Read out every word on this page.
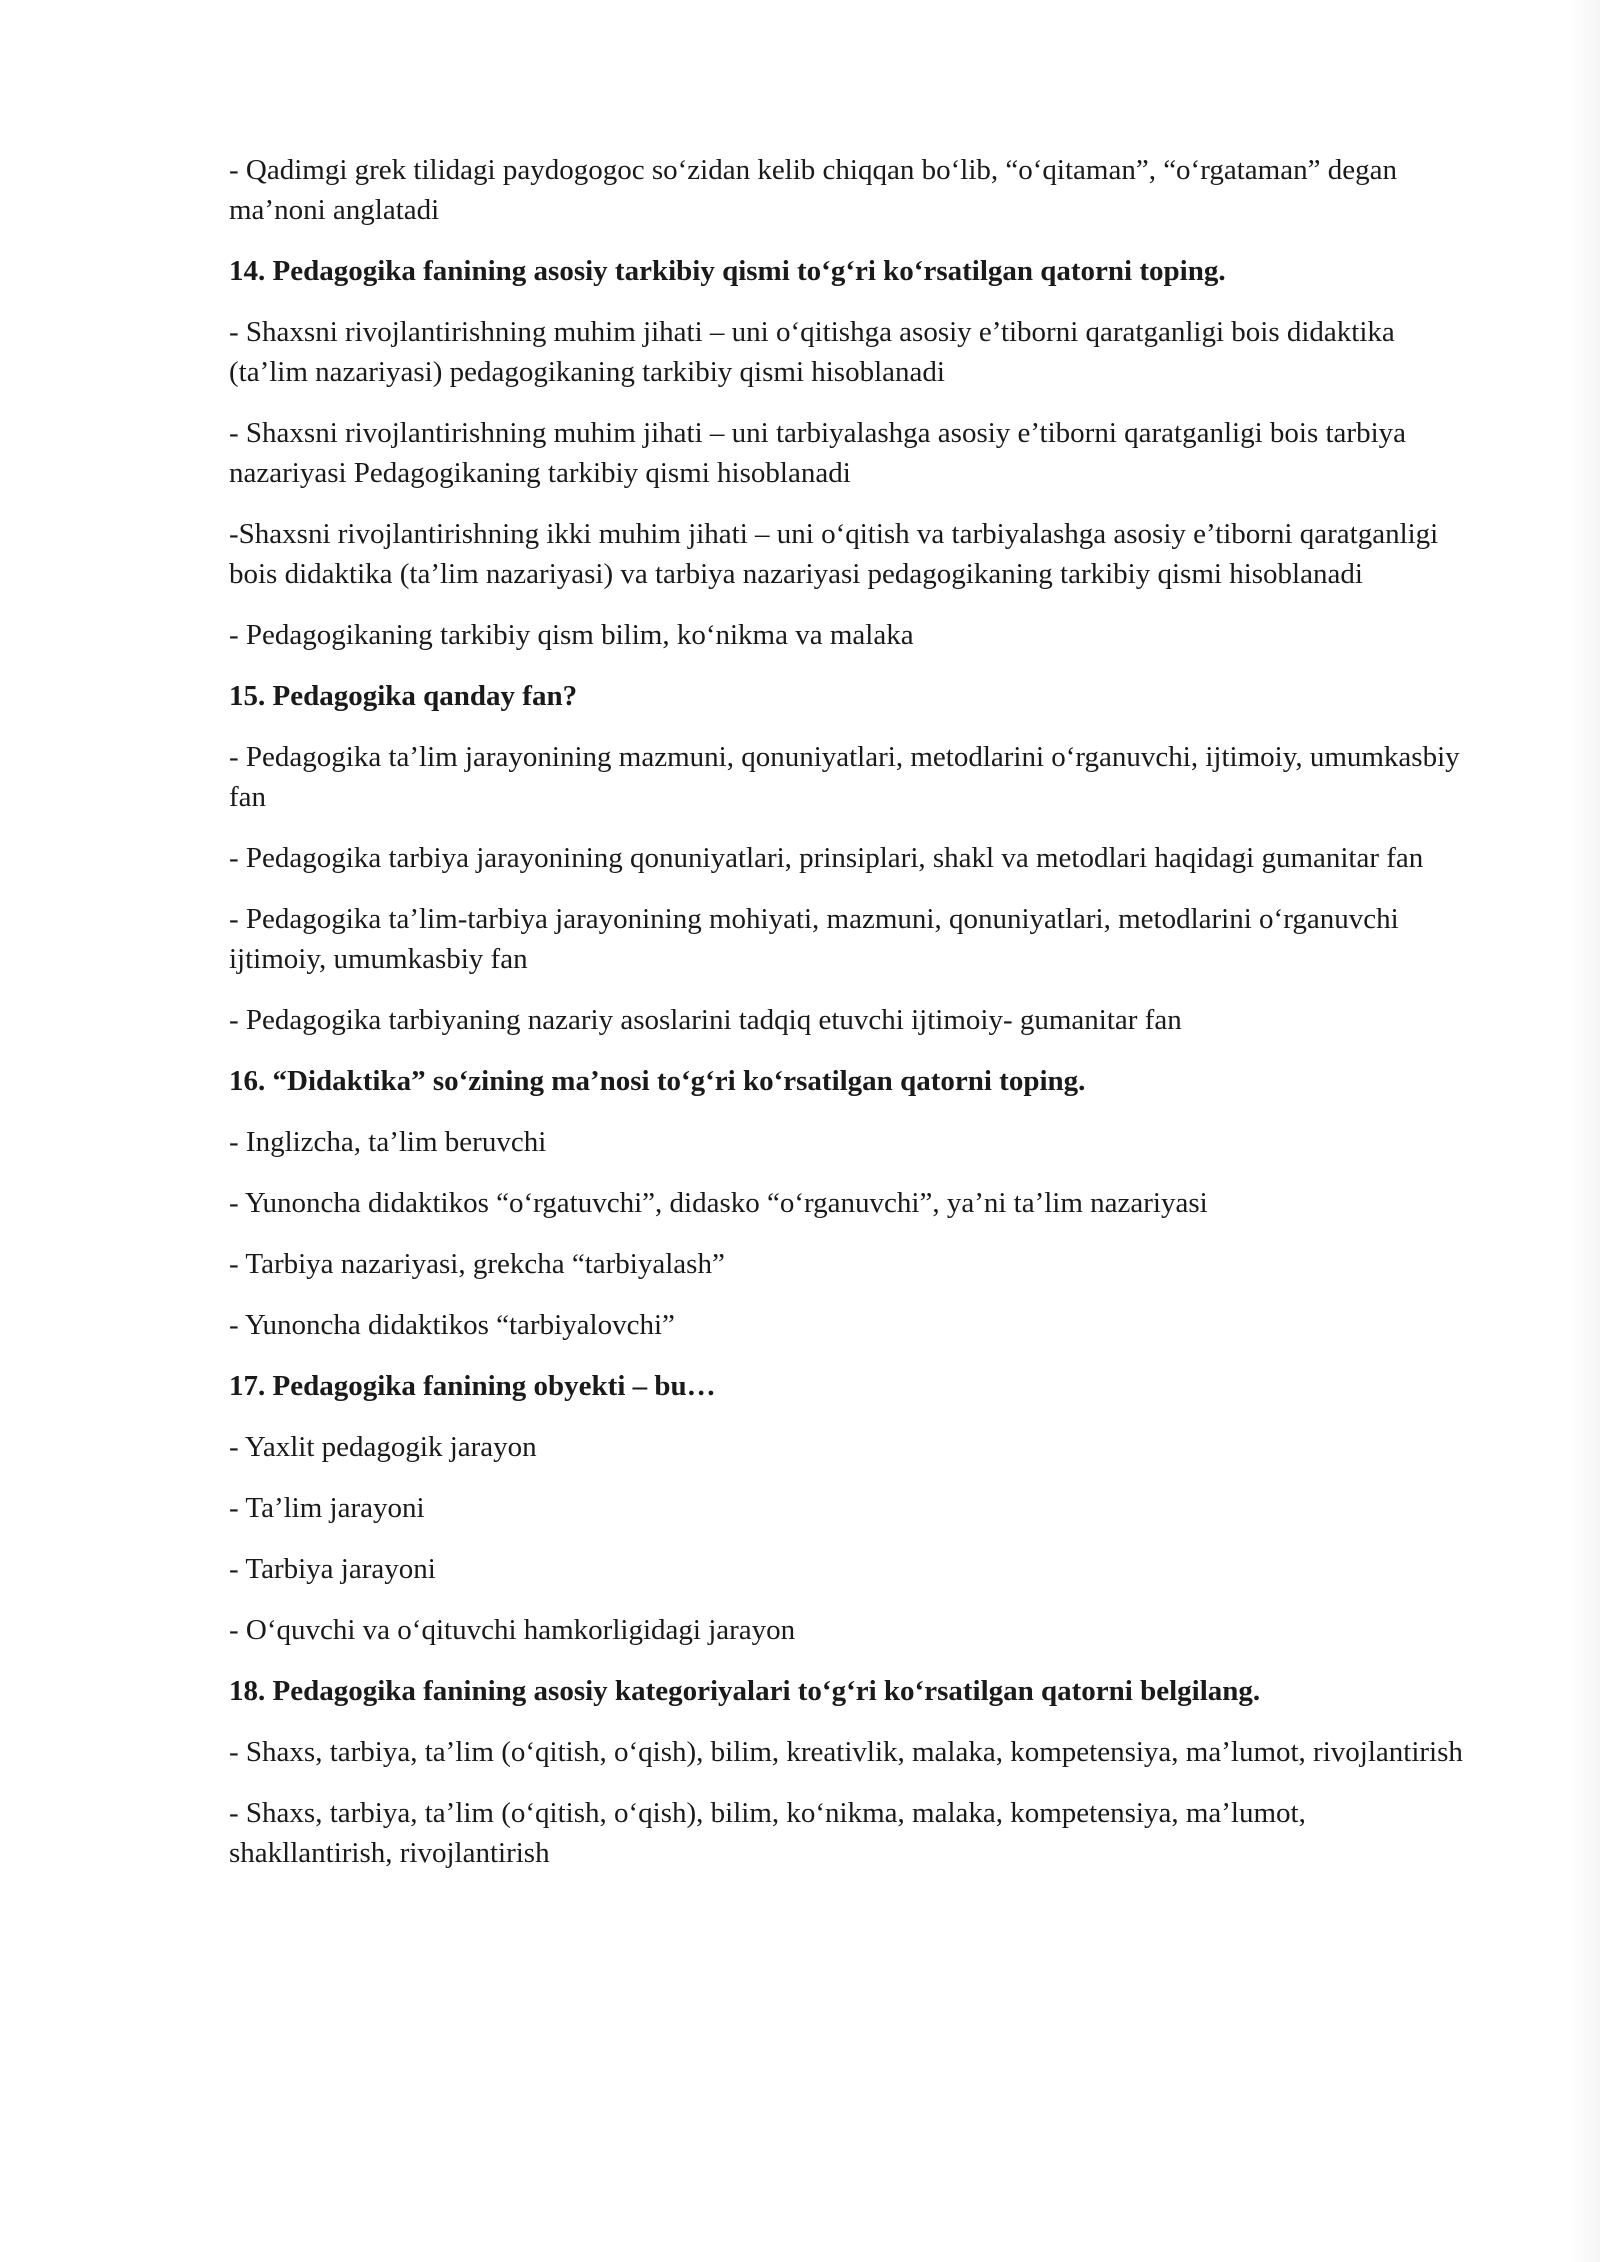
- Qadimgi grek tilidagi paydogogoc so‘zidan kelib chiqqan bo‘lib, “o‘qitaman”, “o‘rgataman” degan ma’noni anglatadi

14. Pedagogika fanining asosiy tarkibiy qismi to‘g‘ri ko‘rsatilgan qatorni toping.

- Shaxsni rivojlantirishning muhim jihati – uni o‘qitishga asosiy e’tiborni qaratganligi bois didaktika (ta’lim nazariyasi) pedagogikaning tarkibiy qismi hisoblanadi

- Shaxsni rivojlantirishning muhim jihati – uni tarbiyalashga asosiy e’tiborni qaratganligi bois tarbiya nazariyasi Pedagogikaning tarkibiy qismi hisoblanadi

-Shaxsni rivojlantirishning ikki muhim jihati – uni o‘qitish va tarbiyalashga asosiy e’tiborni qaratganligi bois didaktika (ta’lim nazariyasi) va tarbiya nazariyasi pedagogikaning tarkibiy qismi hisoblanadi

- Pedagogikaning tarkibiy qism bilim, ko‘nikma va malaka

15. Pedagogika qanday fan?

- Pedagogika ta’lim jarayonining mazmuni, qonuniyatlari, metodlarini o‘rganuvchi, ijtimoiy, umumkasbiy fan

- Pedagogika tarbiya jarayonining qonuniyatlari, prinsiplari, shakl va metodlari haqidagi gumanitar fan

- Pedagogika ta’lim-tarbiya jarayonining mohiyati, mazmuni, qonuniyatlari, metodlarini o‘rganuvchi ijtimoiy, umumkasbiy fan

- Pedagogika tarbiyaning nazariy asoslarini tadqiq etuvchi ijtimoiy- gumanitar fan

16. “Didaktika” so‘zining ma’nosi to‘g‘ri ko‘rsatilgan qatorni toping.

- Inglizcha, ta’lim beruvchi

- Yunoncha didaktikos “o‘rgatuvchi”, didasko “o‘rganuvchi”, ya’ni ta’lim nazariyasi

- Tarbiya nazariyasi, grekcha “tarbiyalash”

- Yunoncha didaktikos “tarbiyalovchi”

17. Pedagogika fanining obyekti – bu…

- Yaxlit pedagogik jarayon

- Ta’lim jarayoni

- Tarbiya jarayoni

- O‘quvchi va o‘qituvchi hamkorligidagi jarayon

18. Pedagogika fanining asosiy kategoriyalari to‘g‘ri ko‘rsatilgan qatorni belgilang.

- Shaxs, tarbiya, ta’lim (o‘qitish, o‘qish), bilim, kreativlik, malaka, kompetensiya, ma’lumot, rivojlantirish

- Shaxs, tarbiya, ta’lim (o‘qitish, o‘qish), bilim, ko‘nikma, malaka, kompetensiya, ma’lumot, shakllantirish, rivojlantirish
